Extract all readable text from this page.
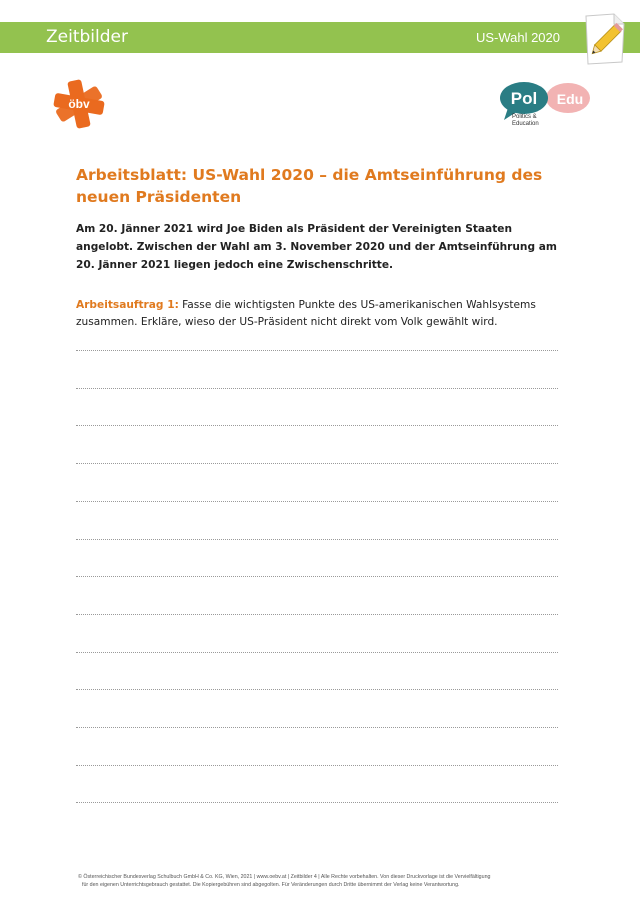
Zeitbilder	US-Wahl 2020
öbv	Pol Edu
Politics &
Education
Arbeitsblatt: US-Wahl 2020 – die Amtseinführung des neuen Präsidenten
Am 20. Jänner 2021 wird Joe Biden als Präsident der Vereinigten Staaten angelobt. Zwischen der Wahl am 3. November 2020 und der Amtseinführung am 20. Jänner 2021 liegen jedoch eine Zwischenschritte.
Arbeitsauftrag 1: Fasse die wichtigsten Punkte des US-amerikanischen Wahlsystems zusammen. Erkläre, wieso der US-Präsident nicht direkt vom Volk gewählt wird.
© Österreichischer Bundesverlag Schulbuch GmbH & Co. KG, Wien, 2021 | www.oebv.at | Zeitbilder 4 | Alle Rechte vorbehalten. Von dieser Druckvorlage ist die Vervielfältigung
für den eigenen Unterrichtsgebrauch gestattet. Die Kopiergebühren sind abgegolten. Für Veränderungen durch Dritte übernimmt der Verlag keine Verantwortung.
